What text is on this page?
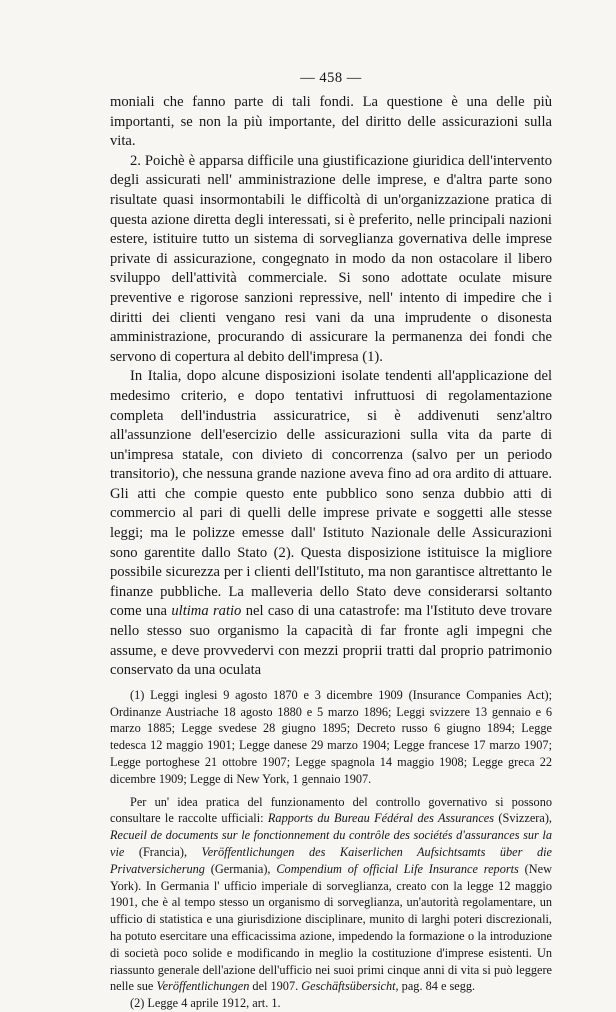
— 458 —

moniali che fanno parte di tali fondi. La questione è una delle più importanti, se non la più importante, del diritto delle assicurazioni sulla vita.

2. Poichè è apparsa difficile una giustificazione giuridica dell'intervento degli assicurati nell' amministrazione delle imprese, e d'altra parte sono risultate quasi insormontabili le difficoltà di un'organizzazione pratica di questa azione diretta degli interessati, si è preferito, nelle principali nazioni estere, istituire tutto un sistema di sorveglianza governativa delle imprese private di assicurazione, congegnato in modo da non ostacolare il libero sviluppo dell'attività commerciale. Si sono adottate oculate misure preventive e rigorose sanzioni repressive, nell' intento di impedire che i diritti dei clienti vengano resi vani da una imprudente o disonesta amministrazione, procurando di assicurare la permanenza dei fondi che servono di copertura al debito dell'impresa (1).

In Italia, dopo alcune disposizioni isolate tendenti all'applicazione del medesimo criterio, e dopo tentativi infruttuosi di regolamentazione completa dell'industria assicuratrice, si è addivenuti senz'altro all'assunzione dell'esercizio delle assicurazioni sulla vita da parte di un'impresa statale, con divieto di concorrenza (salvo per un periodo transitorio), che nessuna grande nazione aveva fino ad ora ardito di attuare. Gli atti che compie questo ente pubblico sono senza dubbio atti di commercio al pari di quelli delle imprese private e soggetti alle stesse leggi; ma le polizze emesse dall' Istituto Nazionale delle Assicurazioni sono garentite dallo Stato (2). Questa disposizione istituisce la migliore possibile sicurezza per i clienti dell'Istituto, ma non garantisce altrettanto le finanze pubbliche. La malleveria dello Stato deve considerarsi soltanto come una ultima ratio nel caso di una catastrofe: ma l'Istituto deve trovare nello stesso suo organismo la capacità di far fronte agli impegni che assume, e deve provvedervi con mezzi proprii tratti dal proprio patrimonio conservato da una oculata

(1) Leggi inglesi 9 agosto 1870 e 3 dicembre 1909 (Insurance Companies Act); Ordinanze Austriache 18 agosto 1880 e 5 marzo 1896; Leggi svizzere 13 gennaio e 6 marzo 1885; Legge svedese 28 giugno 1895; Decreto russo 6 giugno 1894; Legge tedesca 12 maggio 1901; Legge danese 29 marzo 1904; Legge francese 17 marzo 1907; Legge portoghese 21 ottobre 1907; Legge spagnola 14 maggio 1908; Legge greca 22 dicembre 1909; Legge di New York, 1 gennaio 1907.

Per un' idea pratica del funzionamento del controllo governativo si possono consultare le raccolte ufficiali: Rapports du Bureau Fédéral des Assurances (Svizzera), Recueil de documents sur le fonctionnement du contrôle des sociétés d'assurances sur la vie (Francia), Veröffentlichungen des Kaiserlichen Aufsichtsamts über die Privatversicherung (Germania), Compendium of official Life Insurance reports (New York). In Germania l' ufficio imperiale di sorveglianza, creato con la legge 12 maggio 1901, che è al tempo stesso un organismo di sorveglianza, un'autorità regolamentare, un ufficio di statistica e una giurisdizione disciplinare, munito di larghi poteri discrezionali, ha potuto esercitare una efficacissima azione, impedendo la formazione o la introduzione di società poco solide e modificando in meglio la costituzione d'imprese esistenti. Un riassunto generale dell'azione dell'ufficio nei suoi primi cinque anni di vita si può leggere nelle sue Veröffentlichungen del 1907. Geschäftsübersicht, pag. 84 e segg.

(2) Legge 4 aprile 1912, art. 1.
